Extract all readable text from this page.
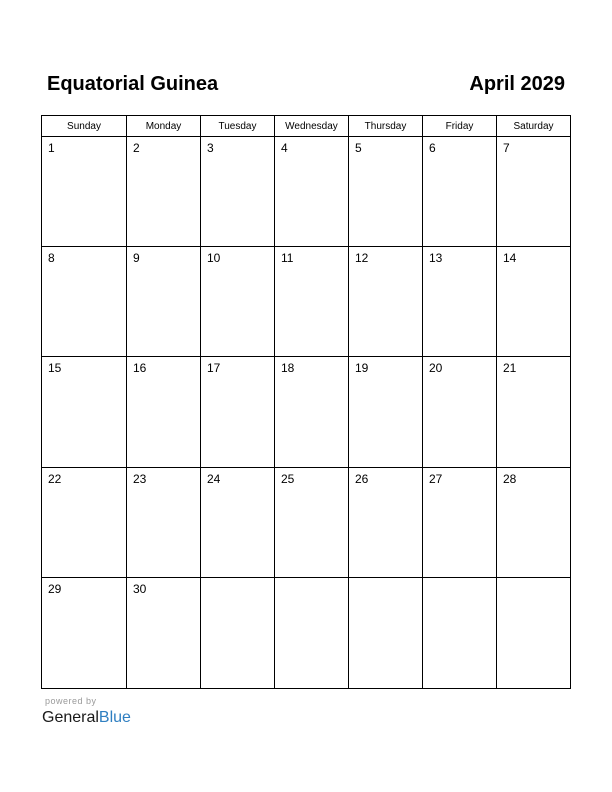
Equatorial Guinea	April 2029
Sunday	Monday	Tuesday	Wednesday	Thursday	Friday	Saturday
1	2	3	4	5	6	7
8	9	10	11	12	13	14
15	16	17	18	19	20	21
22	23	24	25	26	27	28
29	30
powered by
GeneralBlue
